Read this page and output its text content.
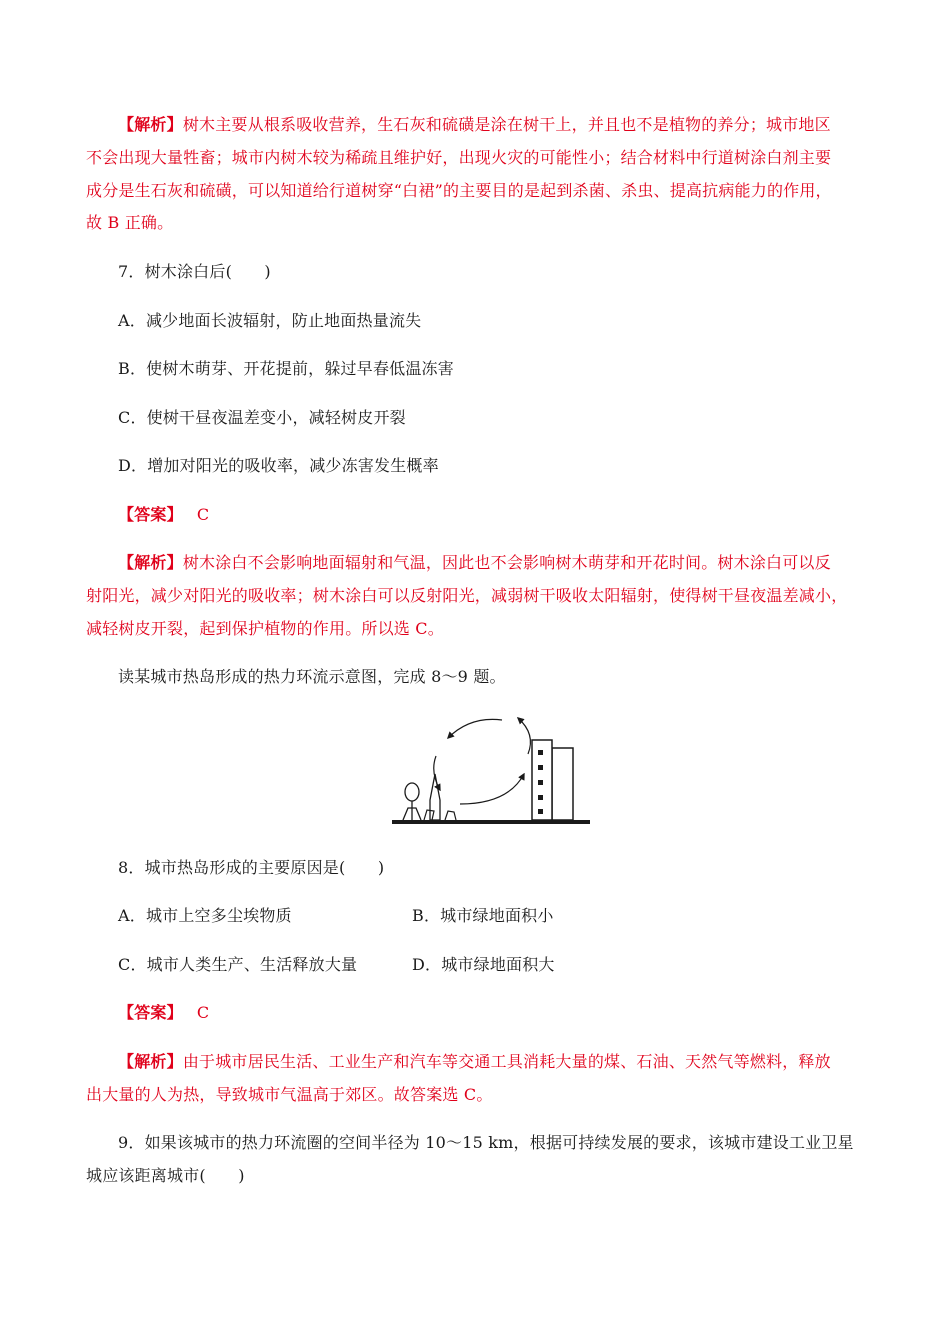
【解析】树木主要从根系吸收营养，生石灰和硫磺是涂在树干上，并且也不是植物的养分；城市地区
不会出现大量牲畜；城市内树木较为稀疏且维护好，出现火灾的可能性小；结合材料中行道树涂白剂主要
成分是生石灰和硫磺，可以知道给行道树穿“白裙”的主要目的是起到杀菌、杀虫、提高抗病能力的作用，
故 B 正确。
7．树木涂白后(　　)
A．减少地面长波辐射，防止地面热量流失
B．使树木萌芽、开花提前，躲过早春低温冻害
C．使树干昼夜温差变小，减轻树皮开裂
D．增加对阳光的吸收率，减少冻害发生概率
【答案】 C
【解析】树木涂白不会影响地面辐射和气温，因此也不会影响树木萌芽和开花时间。树木涂白可以反
射阳光，减少对阳光的吸收率；树木涂白可以反射阳光，减弱树干吸收太阳辐射，使得树干昼夜温差减小，
减轻树皮开裂，起到保护植物的作用。所以选 C。
读某城市热岛形成的热力环流示意图，完成 8～9 题。
8．城市热岛形成的主要原因是(　　)
A．城市上空多尘埃物质	B．城市绿地面积小
C．城市人类生产、生活释放大量	D．城市绿地面积大
【答案】 C
【解析】由于城市居民生活、工业生产和汽车等交通工具消耗大量的煤、石油、天然气等燃料，释放
出大量的人为热，导致城市气温高于郊区。故答案选 C。
9．如果该城市的热力环流圈的空间半径为 10～15 km，根据可持续发展的要求，该城市建设工业卫星
城应该距离城市(　　)
